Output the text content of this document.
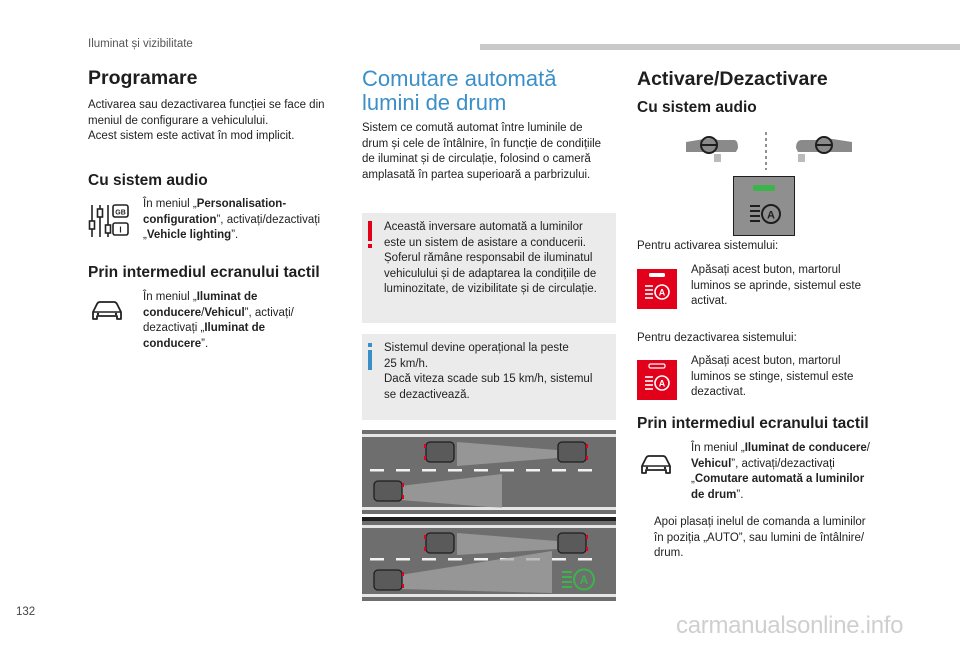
Iluminat și vizibilitate
Programare
Activarea sau dezactivarea funcției se face din
meniul de configurare a vehiculului.
Acest sistem este activat în mod implicit.
Cu sistem audio
GB
I
În meniul „Personalisation-
configuration”, activați/dezactivați
„Vehicle lighting”.
Prin intermediul ecranului tactil
În meniul „Iluminat de
conducere/Vehicul”, activați/
dezactivați „Iluminat de
conducere”.
Comutare automată
lumini de drum
Sistem ce comută automat între luminile de
drum și cele de întâlnire, în funcție de condițiile
de iluminat și de circulație, folosind o cameră
amplasată în partea superioară a parbrizului.
Această inversare automată a luminilor
este un sistem de asistare a conducerii.
Șoferul rămâne responsabil de iluminatul
vehiculului și de adaptarea la condițiile de
luminozitate, de vizibilitate și de circulație.
Sistemul devine operațional la peste
25 km/h.
Dacă viteza scade sub 15 km/h, sistemul
se dezactivează.
A
Activare/Dezactivare
Cu sistem audio
A
Pentru activarea sistemului:
A
Apăsați acest buton, martorul
luminos se aprinde, sistemul este
activat.
Pentru dezactivarea sistemului:
A
Apăsați acest buton, martorul
luminos se stinge, sistemul este
dezactivat.
Prin intermediul ecranului tactil
În meniul „Iluminat de conducere/
Vehicul”, activați/dezactivați
„Comutare automată a luminilor
de drum”.
Apoi plasați inelul de comanda a luminilor
în poziția „AUTO”, sau lumini de întâlnire/
drum.
132	carmanualsonline.info
